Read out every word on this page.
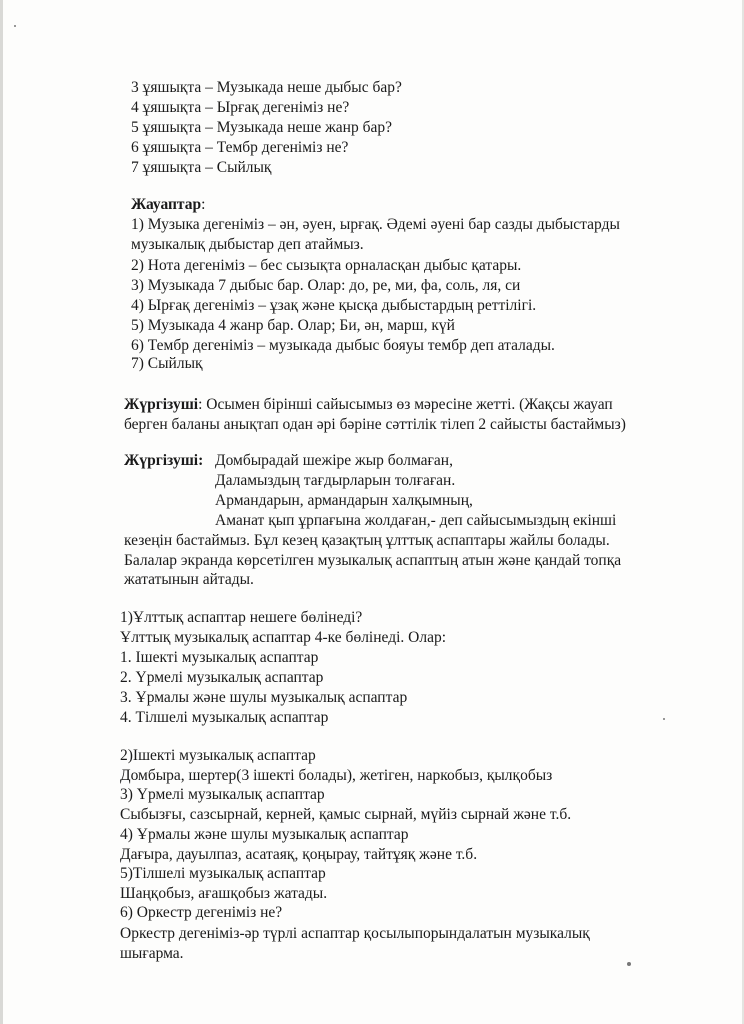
3 ұяшықта – Музыкада неше дыбыс бар?
4 ұяшықта – Ырғақ дегеніміз не?
5 ұяшықта – Музыкада неше жанр бар?
6 ұяшықта – Тембр дегеніміз не?
7 ұяшықта – Сыйлық
Жауаптар:
1) Музыка дегеніміз – ән, әуен, ырғақ. Әдемі әуені бар сазды дыбыстарды
музыкалық дыбыстар деп атаймыз.
2) Нота дегеніміз – бес сызықта орналасқан дыбыс қатары.
3) Музыкада 7 дыбыс бар. Олар: до, ре, ми, фа, соль, ля, си
4) Ырғақ дегеніміз – ұзақ және қысқа дыбыстардың реттілігі.
5) Музыкада 4 жанр бар. Олар; Би, ән, марш, күй
6) Тембр дегеніміз – музыкада дыбыс бояуы тембр деп аталады.
7) Сыйлық
Жүргізуші: Осымен бірінші сайысымыз өз мәресіне жетті. (Жақсы жауап
берген баланы анықтап одан әрі бәріне сәттілік тілеп 2 сайысты бастаймыз)
Жүргізуші: Домбырадай шежіре жыр болмаған,
Даламыздың тағдырларын толғаған.
Армандарын, армандарын халқымның,
Аманат қып ұрпағына жолдаған,- деп сайысымыздың екінші
кезеңін бастаймыз. Бұл кезең қазақтың ұлттық аспаптары жайлы болады.
Балалар экранда көрсетілген музыкалық аспаптың атын және қандай топқа
жататынын айтады.
1)Ұлттық аспаптар нешеге бөлінеді?
Ұлттық музыкалық аспаптар 4-ке бөлінеді. Олар:
1. Ішекті музыкалық аспаптар
2. Үрмелі музыкалық аспаптар
3. Ұрмалы және шулы музыкалық аспаптар
4. Тілшелі музыкалық аспаптар
2)Ішекті музыкалық аспаптар
Домбыра, шертер(3 ішекті болады), жетіген, наркобыз, қылқобыз
3) Үрмелі музыкалық аспаптар
Сыбызғы, сазсырнай, керней, қамыс сырнай, мүйіз сырнай және т.б.
4) Ұрмалы және шулы музыкалық аспаптар
Дағыра, дауылпаз, асатаяқ, қоңырау, тайтұяқ және т.б.
5)Тілшелі музыкалық аспаптар
Шаңқобыз, ағашқобыз жатады.
6) Оркестр дегеніміз не?
Оркестр дегеніміз-әр түрлі аспаптар қосылыпорындалатын музыкалық
шығарма.
